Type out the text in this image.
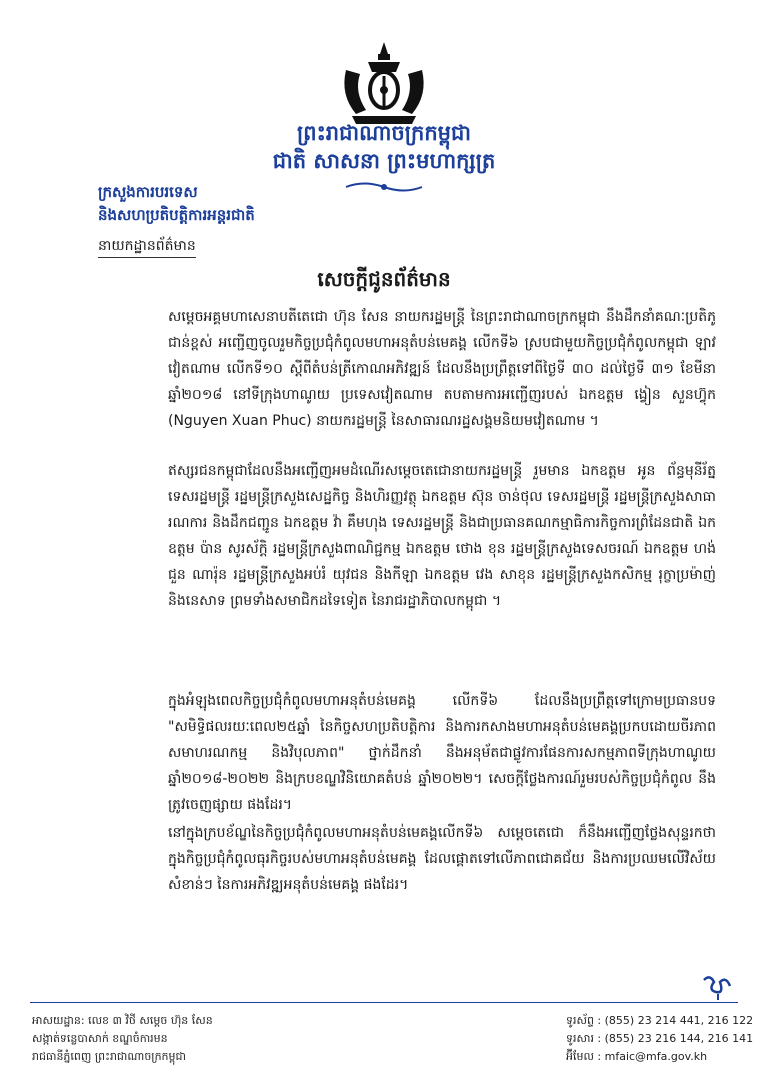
ព្រះរាជាណាចក្រកម្ពុជា
ជាតិ សាសនា ព្រះមហាក្សត្រ
ក្រសួងការបរទេស
និងសហប្រតិបត្តិការអន្តរជាតិ
នាយកដ្ឋានព័ត៌មាន
សេចក្ដីជូនព័ត៌មាន

សម្ដេចអគ្គមហាសេនាបតីតេជោ ហ៊ុន សែន នាយករដ្ឋមន្ត្រី នៃព្រះរាជាណាចក្រកម្ពុជា នឹងដឹកនាំគណៈប្រតិភូជាន់ខ្ពស់ អញ្ជើញចូលរួមកិច្ចប្រជុំកំពូលមហាអនុតំបន់មេគង្គ លើកទី៦ ស្របជាមួយកិច្ចប្រជុំកំពូលកម្ពុជា ឡាវ វៀតណាម លើកទី១០ ស្ដីពីតំបន់ត្រីកោណអភិវឌ្ឍន៍ ដែលនឹងប្រព្រឹត្តទៅពីថ្ងៃទី ៣០ ដល់ថ្ងៃទី ៣១ ខែមីនា ឆ្នាំ២០១៨ នៅទីក្រុងហាណូយ ប្រទេសវៀតណាម តបតាមការអញ្ជើញរបស់ ឯកឧត្តម ង្វៀន សួនហ៊្វុក (Nguyen Xuan Phuc) នាយករដ្ឋមន្ត្រី នៃសាធារណរដ្ឋសង្គមនិយមវៀតណាម ។

ឥស្សរជនកម្ពុជាដែលនឹងអញ្ជើញអមដំណើរសម្ដេចតេជោនាយករដ្ឋមន្ត្រី រួមមាន ឯកឧត្តម អូន ព័ន្ធមុនីរ័ត្ន ទេសរដ្ឋមន្ត្រី រដ្ឋមន្ត្រីក្រសួងសេដ្ឋកិច្ច និងហិរញ្ញវត្ថុ ឯកឧត្តម ស៊ុន ចាន់ថុល ទេសរដ្ឋមន្ត្រី រដ្ឋមន្ត្រីក្រសួងសាធារណការ និងដឹកជញ្ជូន ឯកឧត្តម វ៉ា គឹមហុង ទេសរដ្ឋមន្ត្រី និងជាប្រធានគណកម្មាធិការកិច្ចការព្រំដែនជាតិ ឯកឧត្តម ប៉ាន សូរស័ក្តិ រដ្ឋមន្ត្រីក្រសួងពាណិជ្ជកម្ម ឯកឧត្តម ថោង ខុន រដ្ឋមន្ត្រីក្រសួងទេសចរណ៍ ឯកឧត្តម ហង់ ជួន ណារ៉ុន រដ្ឋមន្ត្រីក្រសួងអប់រំ យុវជន និងកីឡា ឯកឧត្តម វេង សាខុន រដ្ឋមន្ត្រីក្រសួងកសិកម្ម រុក្ខាប្រម៉ាញ់ និងនេសាទ ព្រមទាំងសមាជិកដទៃទៀត នៃរាជរដ្ឋាភិបាលកម្ពុជា ។

ក្នុងអំឡុងពេលកិច្ចប្រជុំកំពូលមហាអនុតំបន់មេគង្គ លើកទី៦ ដែលនឹងប្រព្រឹត្តទៅក្រោមប្រធានបទ "សមិទ្ធិផលរយៈពេល២៥ឆ្នាំ នៃកិច្ចសហប្រតិបត្តិការ និងការកសាងមហាអនុតំបន់មេគង្គប្រកបដោយចីរភាព សមាហរណកម្ម និងវិបុលភាព" ថ្នាក់ដឹកនាំ នឹងអនុម័តជាផ្លូវការផែនការសកម្មភាពទីក្រុងហាណូយ ឆ្នាំ២០១៨-២០២២ និងក្របខណ្ឌវិនិយោគតំបន់ ឆ្នាំ២០២២។ សេចក្ដីថ្លែងការណ៍រួមរបស់កិច្ចប្រជុំកំពូល នឹងត្រូវចេញផ្សាយ ផងដែរ។

នៅក្នុងក្របខ័ណ្ឌនៃកិច្ចប្រជុំកំពូលមហាអនុតំបន់មេគង្គលើកទី៦ សម្ដេចតេជោ ក៏នឹងអញ្ជើញថ្លែងសុន្ទរកថា ក្នុងកិច្ចប្រជុំកំពូលធុរកិច្ចរបស់មហាអនុតំបន់មេគង្គ ដែលផ្ដោតទៅលើភាពជោគជ័យ និងការប្រឈមលើវិស័យសំខាន់ៗ នៃការអភិវឌ្ឍអនុតំបន់មេគង្គ ផងដែរ។

អាសយដ្ឋាន: លេខ ៣ វិថី សម្ដេច ហ៊ុន សែន
សង្កាត់ទន្លេបាសាក់ ខណ្ឌចំការមន
រាជធានីភ្នំពេញ ព្រះរាជាណាចក្រកម្ពុជា
ទូរស័ព្ទ : (855) 23 214 441, 216 122
ទូរសារ : (855) 23 216 144, 216 141
អ៊ីមែល : mfaic@mfa.gov.kh
